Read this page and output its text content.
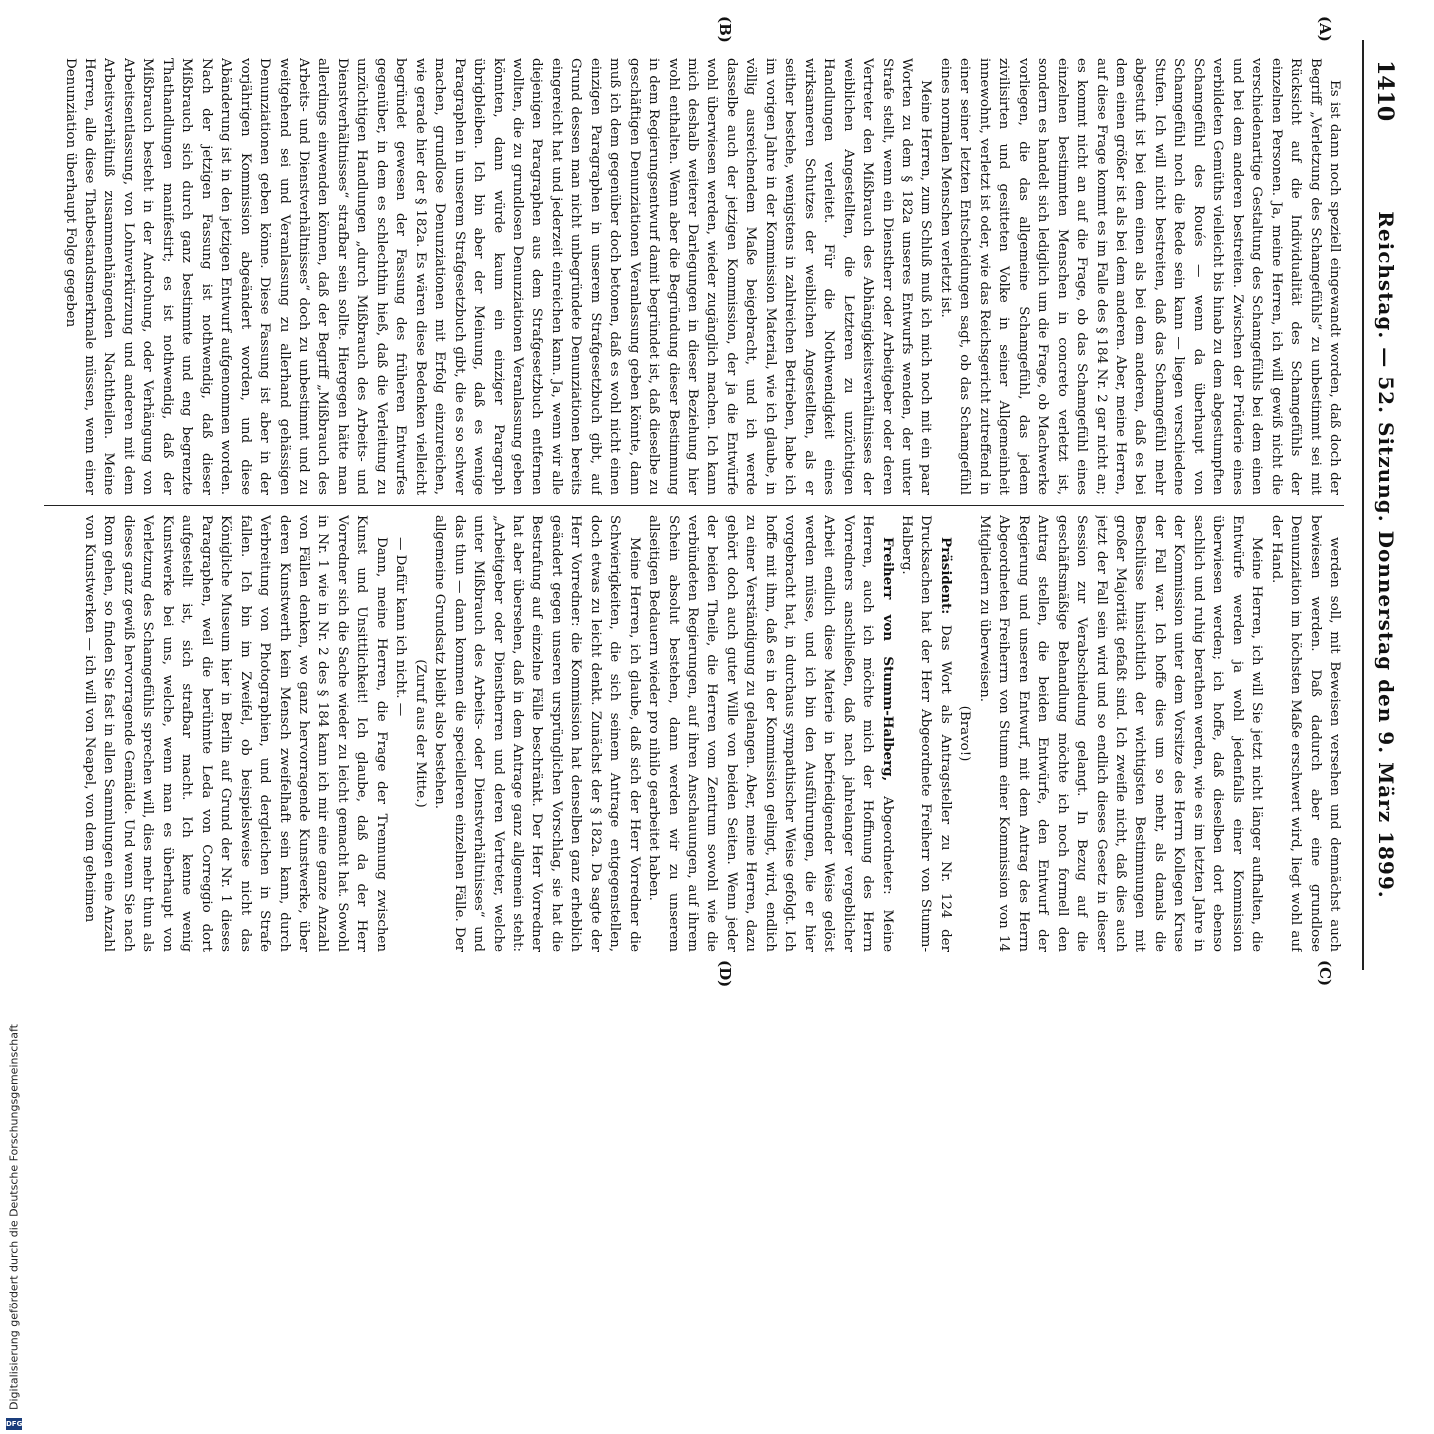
1410
Reichstag. — 52. Sitzung. Donnerstag den 9. März 1899.
(A)
(B)
(C)
(D)

Es ist dann noch speziell eingewandt worden, daß doch der Begriff „Verletzung des Schamgefühls“ zu unbestimmt sei mit Rücksicht auf die Individualität des Schamgefühls der einzelnen Personen. Ja, meine Herren, ich will gewiß nicht die verschiedenartige Gestaltung des Schamgefühls bei dem einen und bei dem anderen bestreiten. Zwischen der Prüderie eines verbildeten Gemüths vielleicht bis hinab zu dem abgestumpften Schamgefühl des Roués — wenn da überhaupt von Schamgefühl noch die Rede sein kann — liegen verschiedene Stufen. Ich will nicht bestreiten, daß das Schamgefühl mehr abgestuft ist bei dem einen als bei dem anderen, daß es bei dem einen größer ist als bei dem anderen. Aber, meine Herren, auf diese Frage kommt es im Falle des § 184 Nr. 2 gar nicht an; es kommt nicht an auf die Frage, ob das Schamgefühl eines einzelnen bestimmten Menschen in concreto verletzt ist, sondern es handelt sich lediglich um die Frage, ob Machwerke vorliegen, die das allgemeine Schamgefühl, das jedem zivilisirten und gesitteten Volke in seiner Allgemeinheit innewohnt, verletzt ist oder, wie das Reichsgericht zutreffend in einer seiner letzten Entscheidungen sagt, ob das Schamgefühl eines normalen Menschen verletzt ist.

Meine Herren, zum Schluß muß ich mich noch mit ein paar Worten zu dem § 182a unseres Entwurfs wenden, der unter Strafe stellt, wenn ein Dienstherr oder Arbeitgeber oder deren Vertreter den Mißbrauch des Abhängigkeitsverhältnisses der weiblichen Angestellten, die Letzteren zu unzüchtigen Handlungen verleitet. Für die Nothwendigkeit eines wirksameren Schutzes der weiblichen Angestellten, als er seither bestehe, wenigstens in zahlreichen Betrieben, habe ich im vorigen Jahre in der Kommission Material, wie ich glaube, in völlig ausreichendem Maße beigebracht, und ich werde dasselbe auch der jetzigen Kommission, der ja die Entwürfe wohl überwiesen werden, wieder zugänglich machen. Ich kann mich deshalb weiterer Darlegungen in dieser Beziehung hier wohl enthalten. Wenn aber die Begründung dieser Bestimmung in dem Regierungsentwurf damit begründet ist, daß dieselbe zu geschäftigen Denunziationen Veranlassung geben könnte, dann muß ich dem gegenüber doch betonen, daß es wohl nicht einen einzigen Paragraphen in unserem Strafgesetzbuch gibt, auf Grund dessen man nicht unbegründete Denunziationen bereits eingereicht hat und jederzeit einreichen kann. Ja, wenn wir alle diejenigen Paragraphen aus dem Strafgesetzbuch entfernen wollten, die zu grundlosen Denunziationen Veranlassung geben könnten, dann würde kaum ein einziger Paragraph übrigbleiben. Ich bin aber der Meinung, daß es wenige Paragraphen in unserem Strafgesetzbuch gibt, die es so schwer machen, grundlose Denunziationen mit Erfolg einzureichen, wie gerade hier der § 182a. Es wären diese Bedenken vielleicht begründet gewesen der Fassung des früheren Entwurfes gegenüber, in dem es schlechthin hieß, daß die Verleitung zu unzüchtigen Handlungen „durch Mißbrauch des Arbeits- und Dienstverhältnisses“ strafbar sein sollte. Hiergegen hätte man allerdings einwenden können, daß der Begriff „Mißbrauch des Arbeits- und Dienstverhältnisses“ doch zu unbestimmt und zu weitgehend sei und Veranlassung zu allerhand gehässigen Denunziationen geben könne. Diese Fassung ist aber in der vorjährigen Kommission abgeändert worden, und diese Abänderung ist in den jetzigen Entwurf aufgenommen worden. Nach der jetzigen Fassung ist nothwendig, daß dieser Mißbrauch sich durch ganz bestimmte und eng begrenzte Thathandlungen manifestirt; es ist nothwendig, daß der Mißbrauch besteht in der Androhung, oder Verhängung von Arbeitsentlassung, von Lohnverkürzung und anderen mit dem Arbeitsverhältniß zusammenhängenden Nachtheilen. Meine Herren, alle diese Thatbestandsmerkmale müssen, wenn einer Denunziation überhaupt Folge gegeben

werden soll, mit Beweisen versehen und demnächst auch bewiesen werden. Daß dadurch aber eine grundlose Denunziation im höchsten Maße erschwert wird, liegt wohl auf der Hand.

Meine Herren, ich will Sie jetzt nicht länger aufhalten, die Entwürfe werden ja wohl jedenfalls einer Kommission überwiesen werden; ich hoffe, daß dieselben dort ebenso sachlich und ruhig berathen werden, wie es im letzten Jahre in der Kommission unter dem Vorsitze des Herrn Kollegen Kruse der Fall war. Ich hoffe dies um so mehr, als damals die Beschlüsse hinsichtlich der wichtigsten Bestimmungen mit großer Majorität gefaßt sind. Ich zweifle nicht, daß dies auch jetzt der Fall sein wird und so endlich dieses Gesetz in dieser Session zur Verabschiedung gelangt. In Bezug auf die geschäftsmäßige Behandlung möchte ich noch formell den Antrag stellen, die beiden Entwürfe, den Entwurf der Regierung und unseren Entwurf, mit dem Antrag des Herrn Abgeordneten Freiherrn von Stumm einer Kommission von 14 Mitgliedern zu überweisen.

(Bravo!)

Präsident: Das Wort als Antragsteller zu Nr. 124 der Drucksachen hat der Herr Abgeordnete Freiherr von Stumm-Halberg.

Freiherr von Stumm-Halberg, Abgeordneter: Meine Herren, auch ich möchte mich der Hoffnung des Herrn Vorredners anschließen, daß nach jahrelanger vergeblicher Arbeit endlich diese Materie in befriedigender Weise gelöst werden müsse, und ich bin den Ausführungen, die er hier vorgebracht hat, in durchaus sympathischer Weise gefolgt. Ich hoffe mit ihm, daß es in der Kommission gelingt, wird, endlich zu einer Verständigung zu gelangen. Aber, meine Herren, dazu gehört doch auch guter Wille von beiden Seiten. Wenn jeder der beiden Theile, die Herren vom Zentrum sowohl wie die verbündeten Regierungen, auf ihren Anschauungen, auf ihrem Schein absolut bestehen, dann werden wir zu unserem allseitigen Bedauern wieder pro nihilo gearbeitet haben.

Meine Herren, ich glaube, daß sich der Herr Vorredner die Schwierigkeiten, die sich seinem Antrage entgegenstellen, doch etwas zu leicht denkt. Zunächst der § 182a. Da sagte der Herr Vorredner: die Kommission hat denselben ganz erheblich geändert gegen unseren ursprünglichen Vorschlag, sie hat die Bestrafung auf einzelne Fälle beschränkt. Der Herr Vorredner hat aber übersehen, daß in dem Antrage ganz allgemein steht: „Arbeitgeber oder Dienstherren und deren Vertreter, welche unter Mißbrauch des Arbeits- oder Dienstverhältnisses“ und das thun — dann kommen die specielleren einzelnen Fälle. Der allgemeine Grundsatz bleibt also bestehen.

(Zuruf aus der Mitte.)

— Dafür kann ich nicht. —

Dann, meine Herren, die Frage der Trennung zwischen Kunst und Unsittlichkeit! Ich glaube, daß da der Herr Vorredner sich die Sache wieder zu leicht gemacht hat. Sowohl in Nr. 1 wie in Nr. 2 des § 184 kann ich mir eine ganze Anzahl von Fällen denken, wo ganz hervorragende Kunstwerke, über deren Kunstwerth kein Mensch zweifelhaft sein kann, durch Verbreitung von Photographien, und dergleichen in Strafe fallen. Ich bin im Zweifel, ob beispielsweise nicht das Königliche Museum hier in Berlin auf Grund der Nr. 1 dieses Paragraphen, weil die berühmte Leda von Correggio dort aufgestellt ist, sich strafbar macht. Ich kenne wenig Kunstwerke bei uns, welche, wenn man es überhaupt von Verletzung des Schamgefühls sprechen will, dies mehr thun als dieses ganz gewiß hervorragende Gemälde. Und wenn Sie nach Rom gehen, so finden Sie fast in allen Sammlungen eine Anzahl von Kunstwerken — ich will von Neapel, von dem geheimen

Digitalisierung gefördert durch die Deutsche Forschungsgemeinschaft
DFG
